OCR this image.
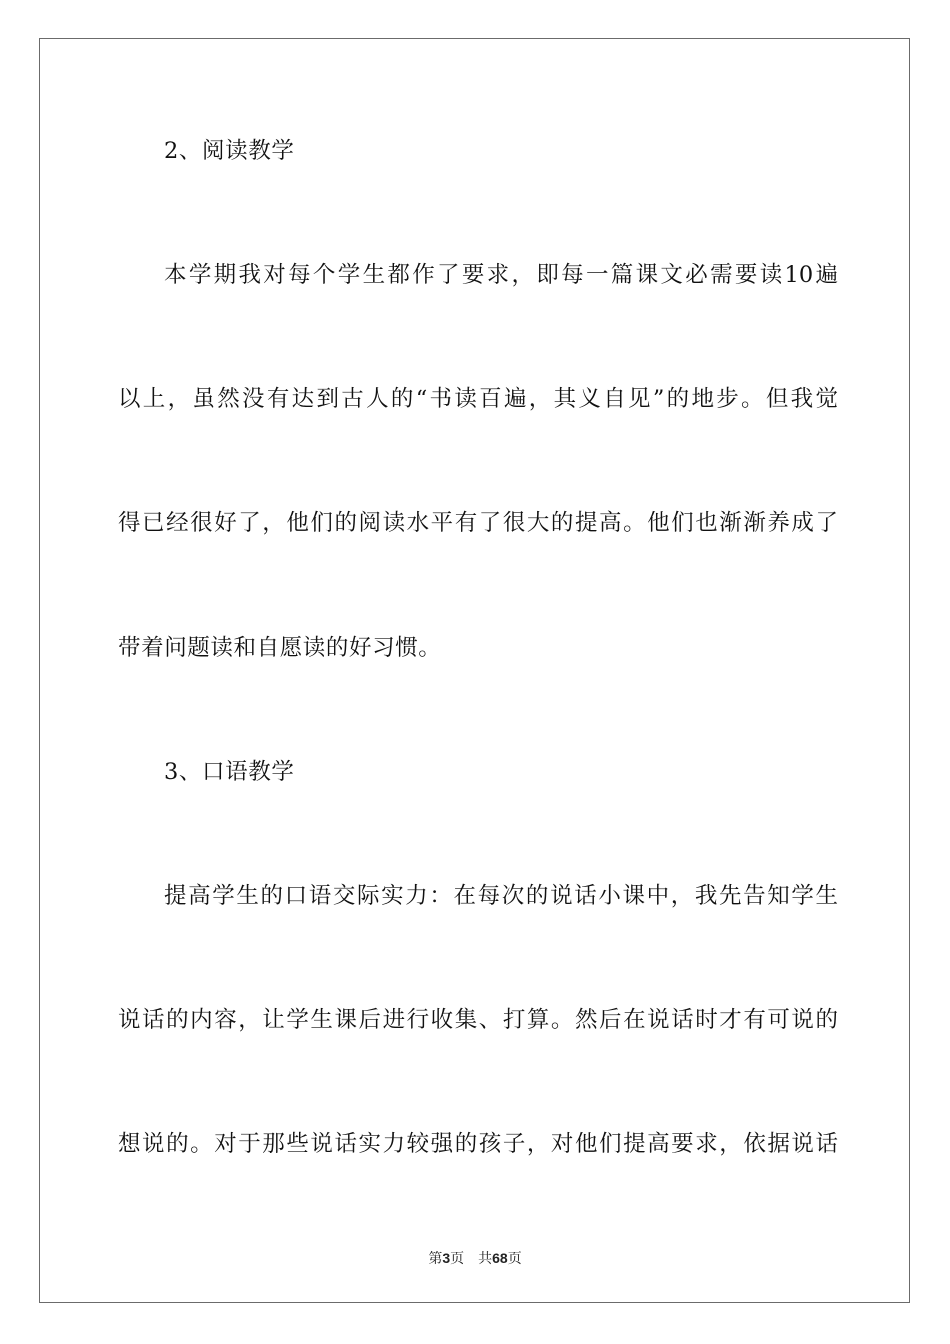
2、阅读教学
本学期我对每个学生都作了要求，即每一篇课文必需要读10遍
以上，虽然没有达到古人的“书读百遍，其义自见”的地步。但我觉
得已经很好了，他们的阅读水平有了很大的提高。他们也渐渐养成了
带着问题读和自愿读的好习惯。
3、口语教学
提高学生的口语交际实力：在每次的说话小课中，我先告知学生
说话的内容，让学生课后进行收集、打算。然后在说话时才有可说的
想说的。对于那些说话实力较强的孩子，对他们提高要求，依据说话
第3页 共68页
